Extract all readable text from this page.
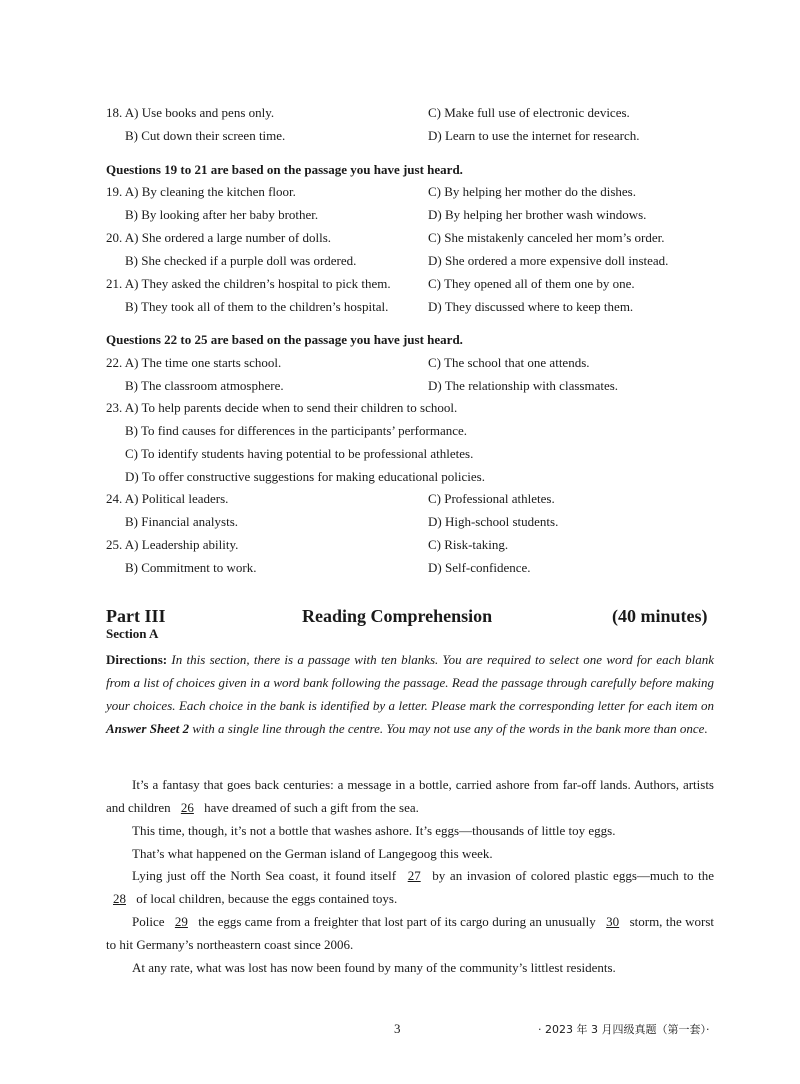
18. A) Use books and pens only.	C) Make full use of electronic devices.
B) Cut down their screen time.	D) Learn to use the internet for research.
Questions 19 to 21 are based on the passage you have just heard.
19. A) By cleaning the kitchen floor.	C) By helping her mother do the dishes.
B) By looking after her baby brother.	D) By helping her brother wash windows.
20. A) She ordered a large number of dolls.	C) She mistakenly canceled her mom’s order.
B) She checked if a purple doll was ordered.	D) She ordered a more expensive doll instead.
21. A) They asked the children’s hospital to pick them.	C) They opened all of them one by one.
B) They took all of them to the children’s hospital.	D) They discussed where to keep them.
Questions 22 to 25 are based on the passage you have just heard.
22. A) The time one starts school.	C) The school that one attends.
B) The classroom atmosphere.	D) The relationship with classmates.
23. A) To help parents decide when to send their children to school.
B) To find causes for differences in the participants’ performance.
C) To identify students having potential to be professional athletes.
D) To offer constructive suggestions for making educational policies.
24. A) Political leaders.	C) Professional athletes.
B) Financial analysts.	D) High-school students.
25. A) Leadership ability.	C) Risk-taking.
B) Commitment to work.	D) Self-confidence.
Part III	Reading Comprehension	(40 minutes)
Section A
Directions: In this section, there is a passage with ten blanks. You are required to select one word for each blank from a list of choices given in a word bank following the passage. Read the passage through carefully before making your choices. Each choice in the bank is identified by a letter. Please mark the corresponding letter for each item on Answer Sheet 2 with a single line through the centre. You may not use any of the words in the bank more than once.
It’s a fantasy that goes back centuries: a message in a bottle, carried ashore from far-off lands. Authors, artists and children 26 have dreamed of such a gift from the sea.
This time, though, it’s not a bottle that washes ashore. It’s eggs—thousands of little toy eggs.
That’s what happened on the German island of Langegoog this week.
Lying just off the North Sea coast, it found itself 27 by an invasion of colored plastic eggs—much to the 28 of local children, because the eggs contained toys.
Police 29 the eggs came from a freighter that lost part of its cargo during an unusually 30 storm, the worst to hit Germany’s northeastern coast since 2006.
At any rate, what was lost has now been found by many of the community’s littlest residents.
3	· 2023 年 3 月四级真题（第一套）·
